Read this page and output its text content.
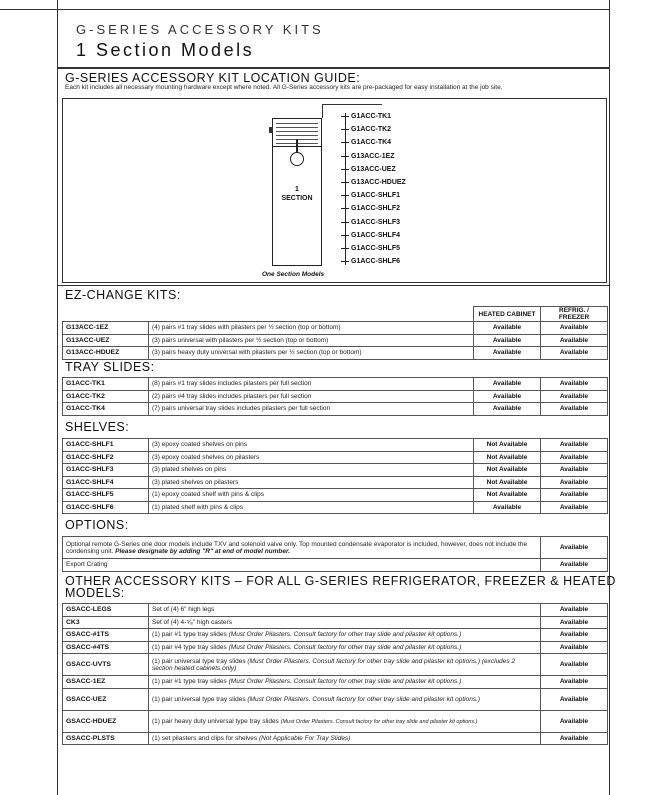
G-SERIES ACCESSORY KITS
1 Section Models
G-SERIES ACCESSORY KIT LOCATION GUIDE:
Each kit includes all necessary mounting hardware except where noted. All G-Series accessory kits are pre-packaged for easy installation at the job site.
1
SECTION
One Section Models
G1ACC-TK1
G1ACC-TK2
G1ACC-TK4
G13ACC-1EZ
G13ACC-UEZ
G13ACC-HDUEZ
G1ACC-SHLF1
G1ACC-SHLF2
G1ACC-SHLF3
G1ACC-SHLF4
G1ACC-SHLF5
G1ACC-SHLF6
EZ-CHANGE KITS:
		HEATED CABINET	REFRIG. / FREEZER
G13ACC-1EZ	(4) pairs #1 tray slides with pilasters per ½ section (top or bottom)	Available	Available
G13ACC-UEZ	(3) pairs universal with pilasters per ½ section (top or bottom)	Available	Available
G13ACC-HDUEZ	(3) pairs heavy duty universal with pilasters per ½ section (top or bottom)	Available	Available
TRAY SLIDES:
G1ACC-TK1	(8) pairs #1 tray slides includes pilasters per full section	Available	Available
G1ACC-TK2	(2) pairs #4 tray slides includes pilasters per full section	Available	Available
G1ACC-TK4	(7) pairs universal tray slides includes pilasters per full section	Available	Available
SHELVES:
G1ACC-SHLF1	(3) epoxy coated shelves on pins	Not Available	Available
G1ACC-SHLF2	(3) epoxy coated shelves on pilasters	Not Available	Available
G1ACC-SHLF3	(3) plated shelves on pins	Not Available	Available
G1ACC-SHLF4	(3) plated shelves on pilasters	Not Available	Available
G1ACC-SHLF5	(1) epoxy coated shelf with pins & clips	Not Available	Available
G1ACC-SHLF6	(1) plated shelf with pins & clips	Available	Available
OPTIONS:
Optional remote G-Series one door models include TXV and solenoid valve only. Top mounted condensate evaporator is included, however, does not include the condensing unit. Please designate by adding "R" at end of model number.	Available
Export Crating	Available
OTHER ACCESSORY KITS – FOR ALL G-SERIES REFRIGERATOR, FREEZER & HEATED
MODELS:
GSACC-LEGS	Set of (4) 6" high legs	Available
CK3	Set of (4) 4-⁵⁄₈" high casters	Available
GSACC-#1TS	(1) pair #1 type tray slides (Must Order Pilasters. Consult factory for other tray slide and pilaster kit options.)	Available
GSACC-#4TS	(1) pair #4 type tray slides (Must Order Pilasters. Consult factory for other tray slide and pilaster kit options.)	Available
GSACC-UVTS	(1) pair universal type tray slides (Must Order Pilasters. Consult factory for other tray slide and pilaster kit options.) (excludes 2 section heated cabinets only)	Available
GSACC-1EZ	(1) pair #1 type tray slides (Must Order Pilasters. Consult factory for other tray slide and pilaster kit options.)	Available
GSACC-UEZ	(1) pair universal type tray slides (Must Order Pilasters. Consult factory for other tray slide and pilaster kit options.)	Available
GSACC-HDUEZ	(1) pair heavy duty universal type tray slides (Must Order Pilasters. Consult factory for other tray slide and pilaster kit options.)	Available
GSACC-PLSTS	(1) set pilasters and clips for shelves (Not Applicable For Tray Slides)	Available
